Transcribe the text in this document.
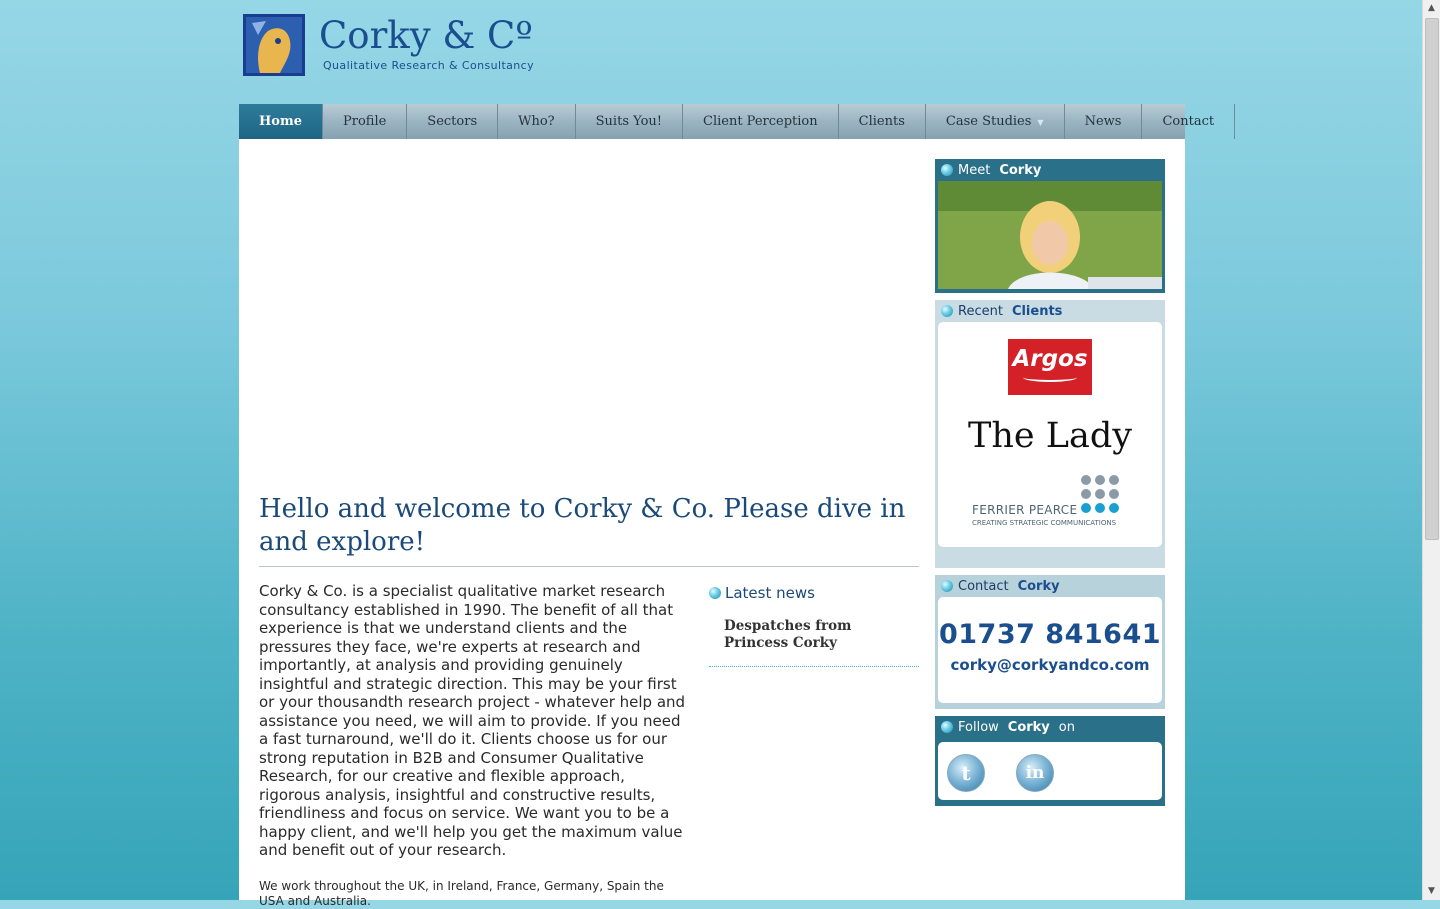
Corky & Cº
Qualitative Research & Consultancy
Home	Profile	Sectors	Who?	Suits You!	Client Perception	Clients	Case Studies ▼	News	Contact
Hello and welcome to Corky & Co. Please dive in and explore!

Corky & Co. is a specialist qualitative market research consultancy established in 1990. The benefit of all that experience is that we understand clients and the pressures they face, we're experts at research and importantly, at analysis and providing genuinely insightful and strategic direction. This may be your first or your thousandth research project - whatever help and assistance you need, we will aim to provide. If you need a fast turnaround, we'll do it. Clients choose us for our strong reputation in B2B and Consumer Qualitative Research, for our creative and flexible approach, rigorous analysis, insightful and constructive results, friendliness and focus on service. We want you to be a happy client, and we'll help you get the maximum value and benefit out of your research.

We work throughout the UK, in Ireland, France, Germany, Spain the USA and Australia.

Latest news
Despatches from Princess Corky
Meet Corky
Recent Clients
Argos
The Lady
FERRIER PEARCE
CREATING STRATEGIC COMMUNICATIONS
Contact Corky
01737 841641
corky@corkyandco.com
Follow Corky on
t	in
▲
▼
